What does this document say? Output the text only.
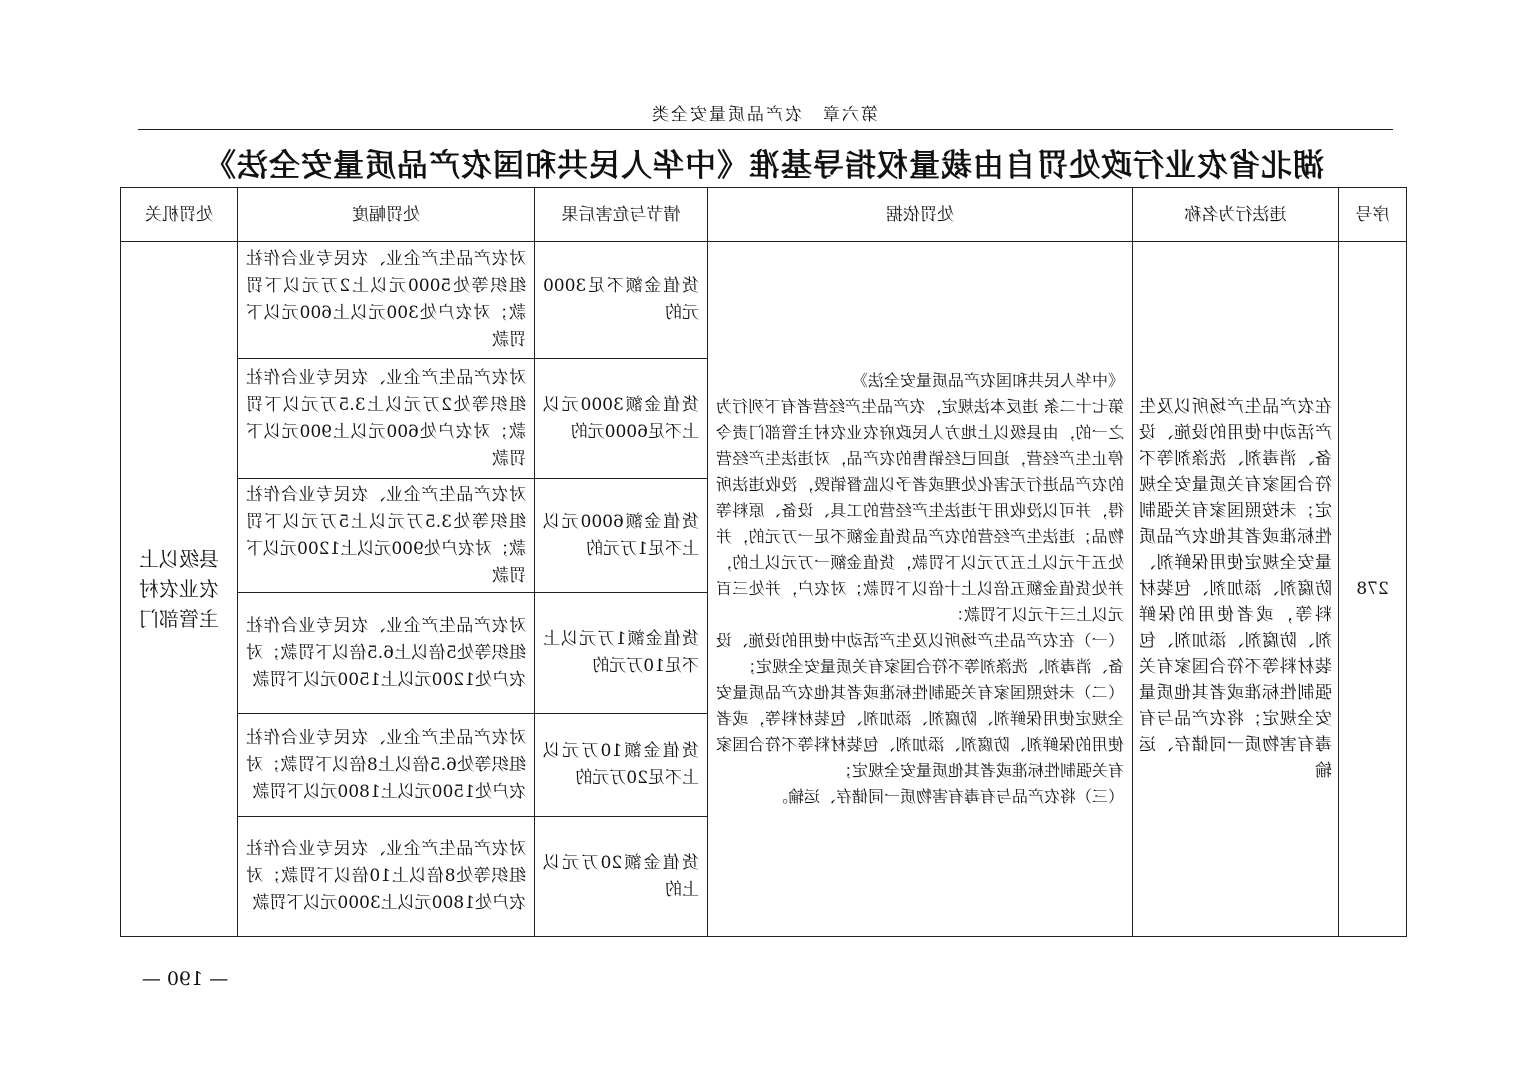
第六章　农产品质量安全类
湖北省农业行政处罚自由裁量权指导基准《中华人民共和国农产品质量安全法》
序号	违法行为名称	处罚依据	情节与危害后果	处罚幅度	处罚机关
278	在农产品生产场所以及生产活动中使用的设施、设备、消毒剂、洗涤剂等不符合国家有关质量安全规定；未按照国家有关强制性标准或者其他农产品质量安全规定使用保鲜剂、防腐剂、添加剂、包装材料等，或者使用的保鲜剂、防腐剂、添加剂、包装材料等不符合国家有关强制性标准或者其他质量安全规定；将农产品与有毒有害物质一同储存、运输	《中华人民共和国农产品质量安全法》
第七十二条 违反本法规定，农产品生产经营者有下列行为之一的，由县级以上地方人民政府农业农村主管部门责令停止生产经营，追回已经销售的农产品，对违法生产经营的农产品进行无害化处理或者予以监督销毁，没收违法所得，并可以没收用于违法生产经营的工具、设备、原料等物品；违法生产经营的农产品货值金额不足一万元的，并处五千元以上五万元以下罚款，货值金额一万元以上的，并处货值金额五倍以上十倍以下罚款；对农户，并处三百元以上三千元以下罚款：
（一）在农产品生产场所以及生产活动中使用的设施、设备、消毒剂、洗涤剂等不符合国家有关质量安全规定；
（二）未按照国家有关强制性标准或者其他农产品质量安全规定使用保鲜剂、防腐剂、添加剂、包装材料等，或者使用的保鲜剂、防腐剂、添加剂、包装材料等不符合国家有关强制性标准或者其他质量安全规定；
（三）将农产品与有毒有害物质一同储存、运输。	货值金额不足3000元的	对农产品生产企业、农民专业合作社组织等处5000元以上2万元以下罚款；对农户处300元以上600元以下罚款	县级以上农业农村主管部门
			货值金额3000元以上不足6000元的	对农产品生产企业、农民专业合作社组织等处2万元以上3.5万元以下罚款；对农户处600元以上900元以下罚款	
			货值金额6000元以上不足1万元的	对农产品生产企业、农民专业合作社组织等处3.5万元以上5万元以下罚款；对农户处900元以上1200元以下罚款	
			货值金额1万元以上不足10万元的	对农产品生产企业、农民专业合作社组织等处5倍以上6.5倍以下罚款；对农户处1200元以上1500元以下罚款	
			货值金额10万元以上不足20万元的	对农产品生产企业、农民专业合作社组织等处6.5倍以上8倍以下罚款；对农户处1500元以上1800元以下罚款	
			货值金额20万元以上的	对农产品生产企业、农民专业合作社组织等处8倍以上10倍以下罚款；对农户处1800元以上3000元以下罚款	
— 190 —
